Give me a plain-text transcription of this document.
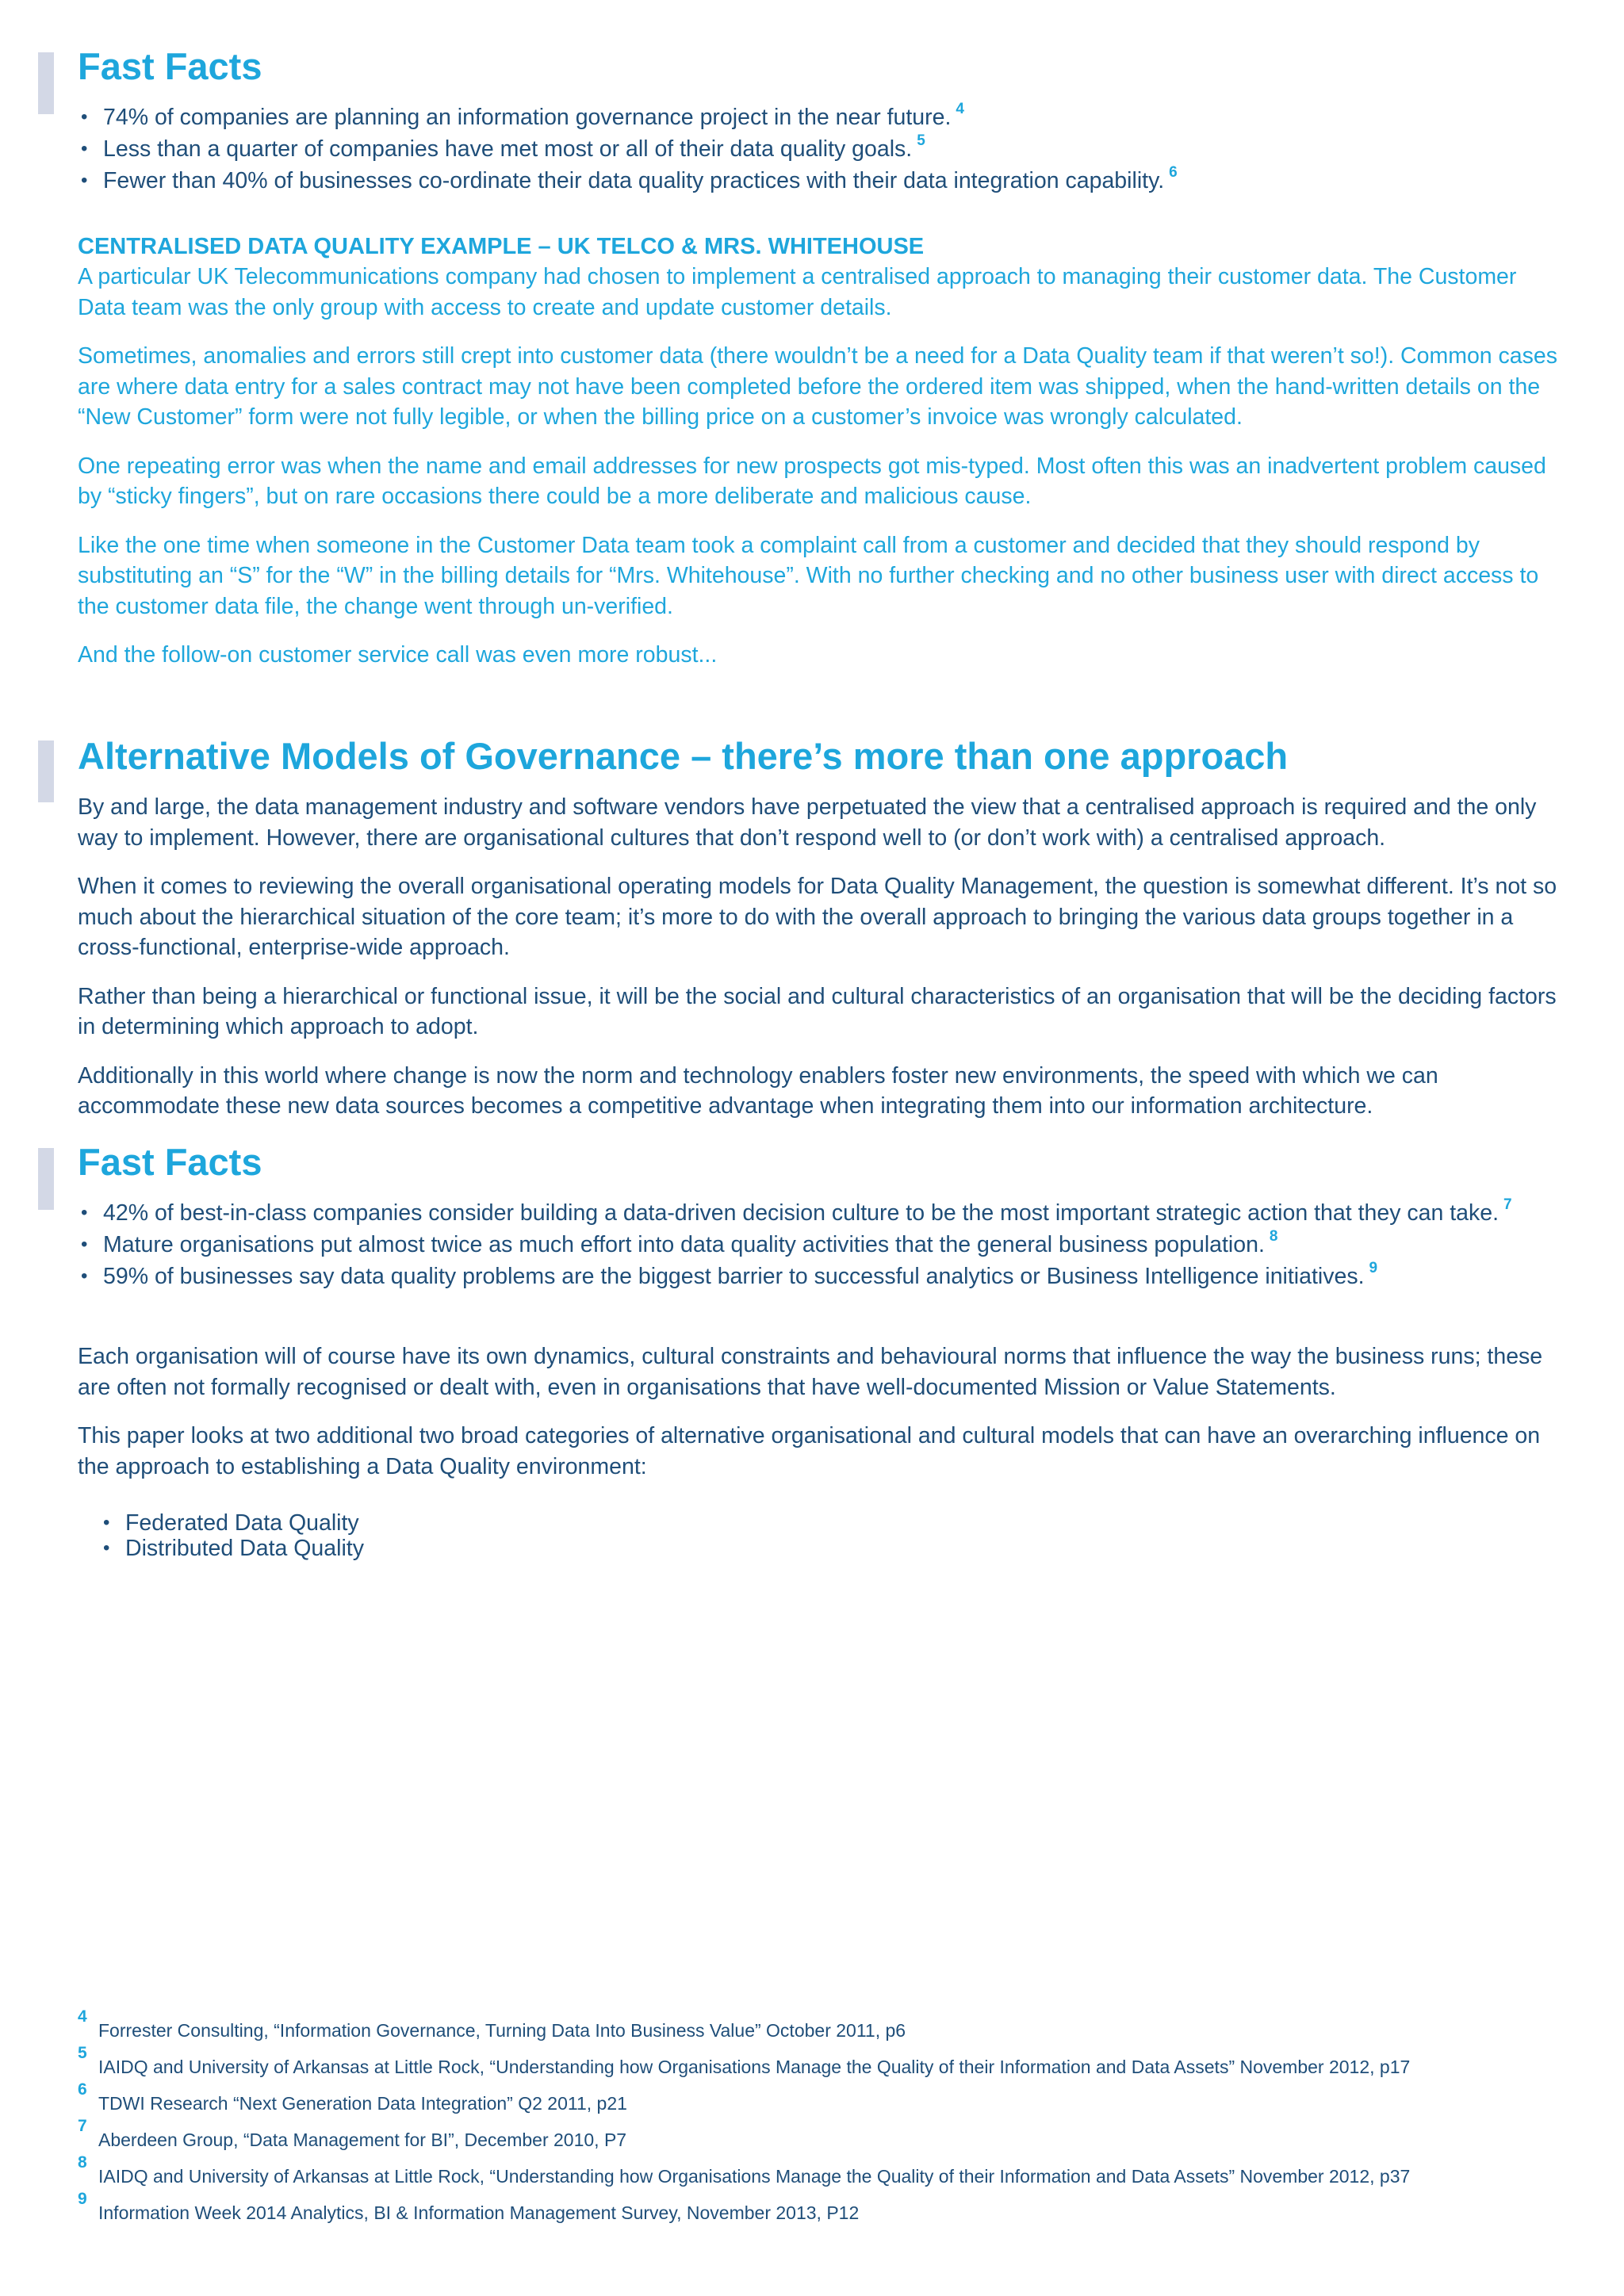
Fast Facts
• 74% of companies are planning an information governance project in the near future. $^4$
• Less than a quarter of companies have met most or all of their data quality goals. $^5$
• Fewer than 40% of businesses co-ordinate their data quality practices with their data integration capability. $^6$

CENTRALISED DATA QUALITY EXAMPLE – UK TELCO & MRS. WHITEHOUSE

A particular UK Telecommunications company had chosen to implement a centralised approach to managing their customer data. The Customer Data team was the only group with access to create and update customer details.

Sometimes, anomalies and errors still crept into customer data (there wouldn’t be a need for a Data Quality team if that weren’t so!). Common cases are where data entry for a sales contract may not have been completed before the ordered item was shipped, when the hand-written details on the “New Customer” form were not fully legible, or when the billing price on a customer’s invoice was wrongly calculated.

One repeating error was when the name and email addresses for new prospects got mis-typed. Most often this was an inadvertent problem caused by “sticky fingers”, but on rare occasions there could be a more deliberate and malicious cause.

Like the one time when someone in the Customer Data team took a complaint call from a customer and decided that they should respond by substituting an “S” for the “W” in the billing details for “Mrs. Whitehouse”. With no further checking and no other business user with direct access to the customer data file, the change went through un-verified.

And the follow-on customer service call was even more robust...

Alternative Models of Governance – there’s more than one approach

By and large, the data management industry and software vendors have perpetuated the view that a centralised approach is required and the only way to implement. However, there are organisational cultures that don’t respond well to (or don’t work with) a centralised approach.

When it comes to reviewing the overall organisational operating models for Data Quality Management, the question is somewhat different. It’s not so much about the hierarchical situation of the core team; it’s more to do with the overall approach to bringing the various data groups together in a cross-functional, enterprise-wide approach.

Rather than being a hierarchical or functional issue, it will be the social and cultural characteristics of an organisation that will be the deciding factors in determining which approach to adopt.

Additionally in this world where change is now the norm and technology enablers foster new environments, the speed with which we can accommodate these new data sources becomes a competitive advantage when integrating them into our information architecture.

Fast Facts
• 42% of best-in-class companies consider building a data-driven decision culture to be the most important strategic action that they can take. $^7$
• Mature organisations put almost twice as much effort into data quality activities that the general business population. $^8$
• 59% of businesses say data quality problems are the biggest barrier to successful analytics or Business Intelligence initiatives. $^9$

Each organisation will of course have its own dynamics, cultural constraints and behavioural norms that influence the way the business runs; these are often not formally recognised or dealt with, even in organisations that have well-documented Mission or Value Statements.

This paper looks at two additional two broad categories of alternative organisational and cultural models that can have an overarching influence on the approach to establishing a Data Quality environment:

• Federated Data Quality
• Distributed Data Quality
4
Forrester Consulting, “Information Governance, Turning Data Into Business Value” October 2011, p6
5
IAIDQ and University of Arkansas at Little Rock, “Understanding how Organisations Manage the Quality of their Information and Data Assets” November 2012, p17
6
TDWI Research “Next Generation Data Integration” Q2 2011, p21
7
Aberdeen Group, “Data Management for BI”, December 2010, P7
8
IAIDQ and University of Arkansas at Little Rock, “Understanding how Organisations Manage the Quality of their Information and Data Assets” November 2012, p37
9
Information Week 2014 Analytics, BI & Information Management Survey, November 2013, P12
